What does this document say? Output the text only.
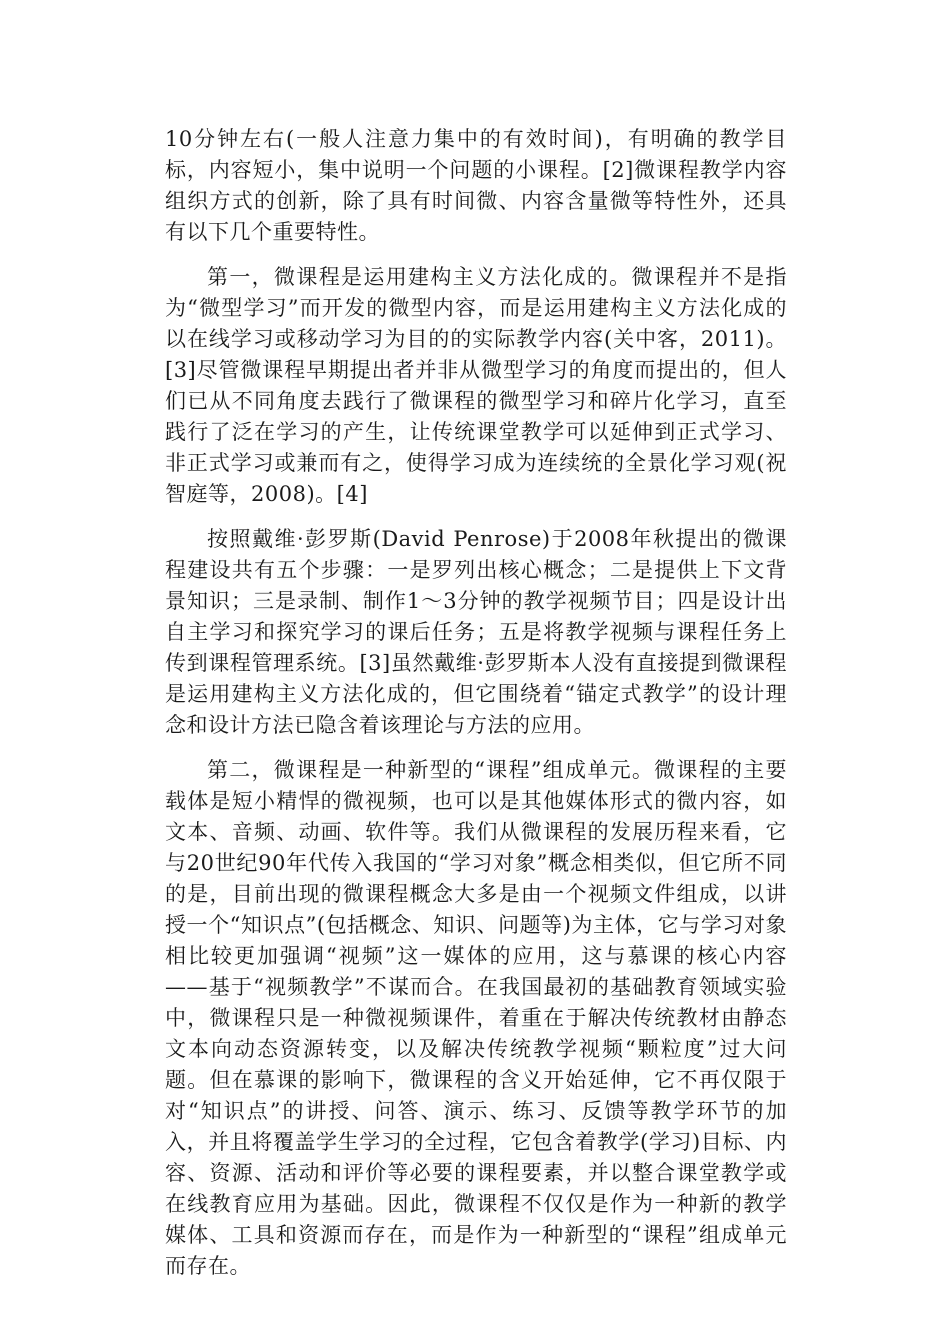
10分钟左右(一般人注意力集中的有效时间)，有明确的教学目标，内容短小，集中说明一个问题的小课程。[2]微课程教学内容组织方式的创新，除了具有时间微、内容含量微等特性外，还具有以下几个重要特性。

第一，微课程是运用建构主义方法化成的。微课程并不是指为“微型学习”而开发的微型内容，而是运用建构主义方法化成的以在线学习或移动学习为目的的实际教学内容(关中客，2011)。[3]尽管微课程早期提出者并非从微型学习的角度而提出的，但人们已从不同角度去践行了微课程的微型学习和碎片化学习，直至践行了泛在学习的产生，让传统课堂教学可以延伸到正式学习、非正式学习或兼而有之，使得学习成为连续统的全景化学习观(祝智庭等，2008)。[4]

按照戴维·彭罗斯(David Penrose)于2008年秋提出的微课程建设共有五个步骤：一是罗列出核心概念；二是提供上下文背景知识；三是录制、制作1～3分钟的教学视频节目；四是设计出自主学习和探究学习的课后任务；五是将教学视频与课程任务上传到课程管理系统。[3]虽然戴维·彭罗斯本人没有直接提到微课程是运用建构主义方法化成的，但它围绕着“锚定式教学”的设计理念和设计方法已隐含着该理论与方法的应用。

第二，微课程是一种新型的“课程”组成单元。微课程的主要载体是短小精悍的微视频，也可以是其他媒体形式的微内容，如文本、音频、动画、软件等。我们从微课程的发展历程来看，它与20世纪90年代传入我国的“学习对象”概念相类似，但它所不同的是，目前出现的微课程概念大多是由一个视频文件组成，以讲授一个“知识点”(包括概念、知识、问题等)为主体，它与学习对象相比较更加强调“视频”这一媒体的应用，这与慕课的核心内容——基于“视频教学”不谋而合。在我国最初的基础教育领域实验中，微课程只是一种微视频课件，着重在于解决传统教材由静态文本向动态资源转变，以及解决传统教学视频“颗粒度”过大问题。但在慕课的影响下，微课程的含义开始延伸，它不再仅限于对“知识点”的讲授、问答、演示、练习、反馈等教学环节的加入，并且将覆盖学生学习的全过程，它包含着教学(学习)目标、内容、资源、活动和评价等必要的课程要素，并以整合课堂教学或在线教育应用为基础。因此，微课程不仅仅是作为一种新的教学媒体、工具和资源而存在，而是作为一种新型的“课程”组成单元而存在。
